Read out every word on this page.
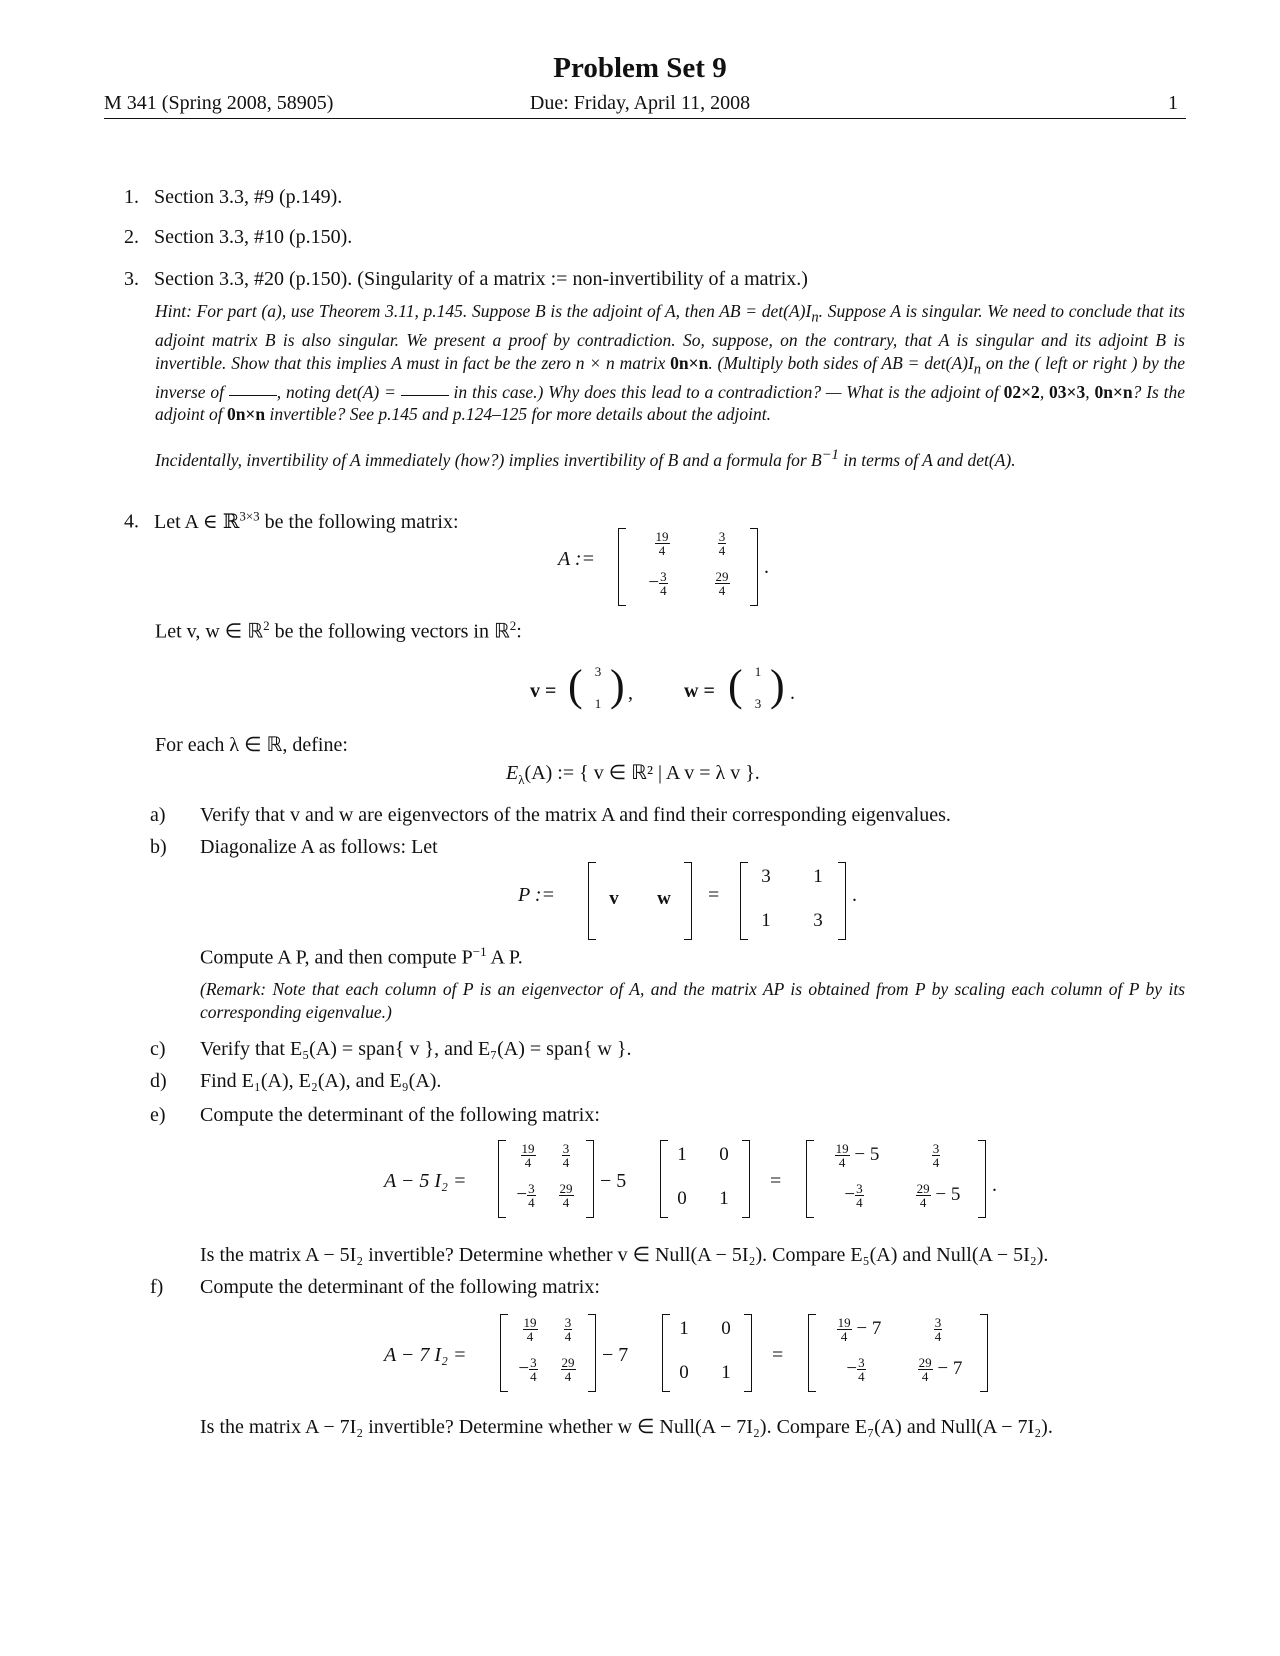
Problem Set 9
M 341 (Spring 2008, 58905)	Due: Friday, April 11, 2008	1
1. Section 3.3, #9 (p.149).
2. Section 3.3, #10 (p.150).
3. Section 3.3, #20 (p.150). (Singularity of a matrix := non-invertibility of a matrix.)
Hint: For part (a), use Theorem 3.11, p.145. Suppose B is the adjoint of A, then AB = $\det(A)I_n$. Suppose A is singular. We need to conclude that its adjoint matrix B is also singular. We present a proof by contradiction. So, suppose, on the contrary, that A is singular and its adjoint B is invertible. Show that this implies A must in fact be the zero n × n matrix 0n×n. (Multiply both sides of AB = $\det(A)I_n$ on the ( left or right ) by the inverse of	, noting det(A) =	in this case.) Why does this lead to a contradiction? — What is the adjoint of 02×2, 03×3, 0n×n? Is the adjoint of 0n×n invertible? See p.145 and p.124–125 for more details about the adjoint.
Incidentally, invertibility of A immediately (how?) implies invertibility of B and a formula for $B^{-1}$ in terms of A and det(A).
4. Let A ∈ ℝ$^{3\times 3}$ be the following matrix:
A :=
$\frac{19}{4}$	$\frac{3}{4}$
− $\frac{3}{4}$	$\frac{29}{4}$
.
Let v, w ∈ ℝ$^2$ be the following vectors in ℝ$^2$:
v = ( 3
1 ) ,	w = ( 1
3 ) .
For each λ ∈ ℝ, define:
$E_\lambda(A)$ := { v ∈ ℝ² | A v = λ v }.
a) Verify that v and w are eigenvectors of the matrix A and find their corresponding eigenvalues.
b) Diagonalize A as follows: Let
P :=	v	w =
3	1
1	3
.
Compute A P, and then compute $P^{-1}$ A P.
(Remark: Note that each column of P is an eigenvector of A, and the matrix AP is obtained from P by scaling each column of P by its corresponding eigenvalue.)
c) Verify that E₅(A) = span{ v }, and E₇(A) = span{ w }.
d) Find E₁(A), E₂(A), and E₉(A).
e) Compute the determinant of the following matrix:
A − 5 I₂ =
$\frac{19}{4} \frac{3}{4}$
− $\frac{3}{4} \frac{29}{4}$
− 5
1	0
0	1
=
$\frac{19}{4} - 5$	$\frac{3}{4}$
− $\frac{3}{4}$	$\frac{29}{4} - 5$	.
Is the matrix A − 5I₂ invertible? Determine whether v ∈ Null(A − 5I₂). Compare E₅(A) and Null(A − 5I₂).
f) Compute the determinant of the following matrix:
A − 7 I₂ =
$\frac{19}{4} \frac{3}{4}$
− $\frac{3}{4} \frac{29}{4}$
− 7
1	0
0	1
=
$\frac{19}{4} - 7$	$\frac{3}{4}$
− $\frac{3}{4}$	$\frac{29}{4} - 7$
Is the matrix A − 7I₂ invertible? Determine whether w ∈ Null(A − 7I₂). Compare E₇(A) and Null(A − 7I₂).
